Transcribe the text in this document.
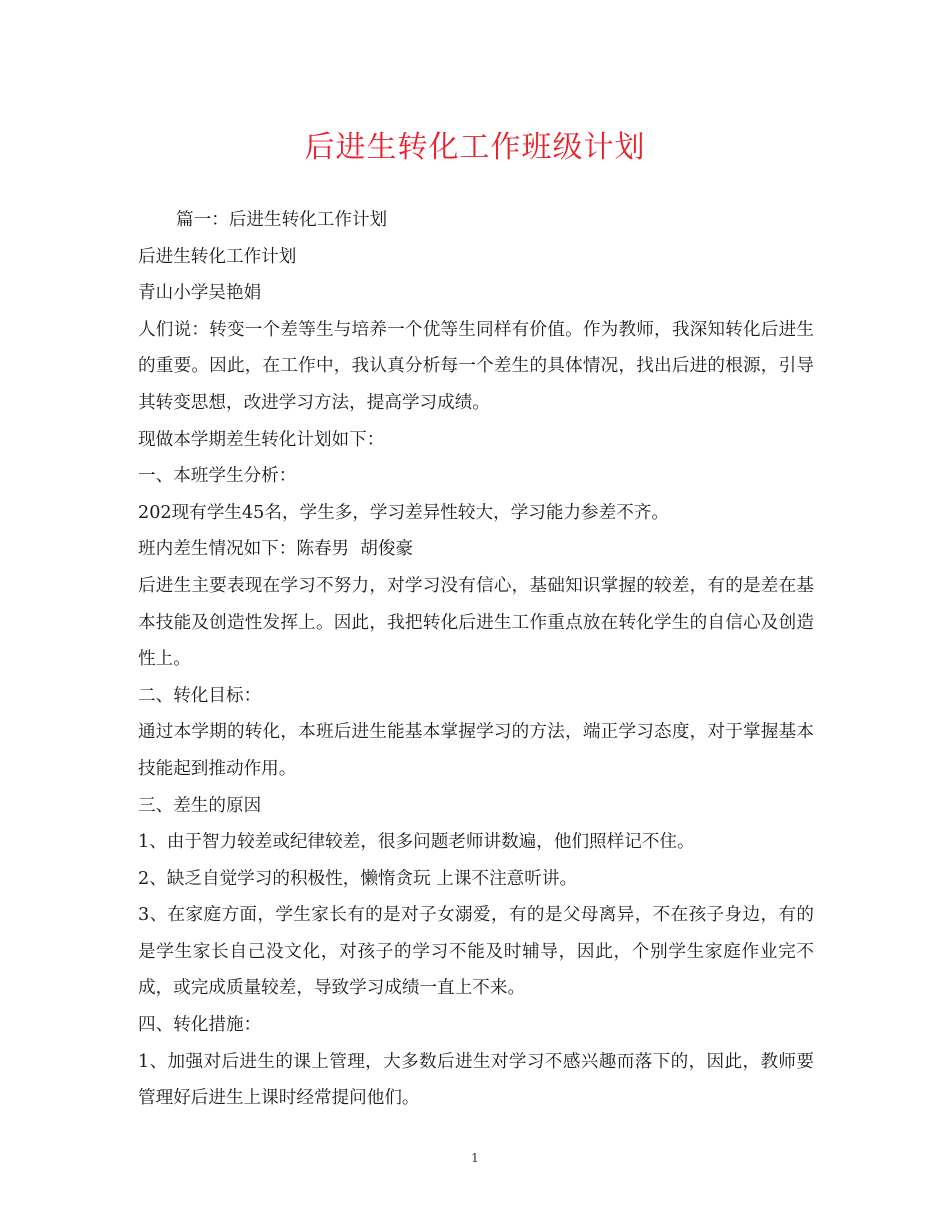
后进生转化工作班级计划

篇一：后进生转化工作计划

后进生转化工作计划

青山小学吴艳娟

人们说：转变一个差等生与培养一个优等生同样有价值。作为教师，我深知转化后进生的重要。因此，在工作中，我认真分析每一个差生的具体情况，找出后进的根源，引导其转变思想，改进学习方法，提高学习成绩。

现做本学期差生转化计划如下：

一、本班学生分析：

202现有学生45名，学生多，学习差异性较大，学习能力参差不齐。

班内差生情况如下：陈春男  胡俊豪

后进生主要表现在学习不努力，对学习没有信心，基础知识掌握的较差，有的是差在基本技能及创造性发挥上。因此，我把转化后进生工作重点放在转化学生的自信心及创造性上。

二、转化目标：

通过本学期的转化，本班后进生能基本掌握学习的方法，端正学习态度，对于掌握基本技能起到推动作用。

三、差生的原因

1、由于智力较差或纪律较差，很多问题老师讲数遍，他们照样记不住。

2、缺乏自觉学习的积极性，懒惰贪玩 上课不注意听讲。

3、在家庭方面，学生家长有的是对子女溺爱，有的是父母离异，不在孩子身边，有的是学生家长自己没文化，对孩子的学习不能及时辅导，因此，个别学生家庭作业完不成，或完成质量较差，导致学习成绩一直上不来。

四、转化措施：

1、加强对后进生的课上管理，大多数后进生对学习不感兴趣而落下的，因此，教师要管理好后进生上课时经常提问他们。

1
